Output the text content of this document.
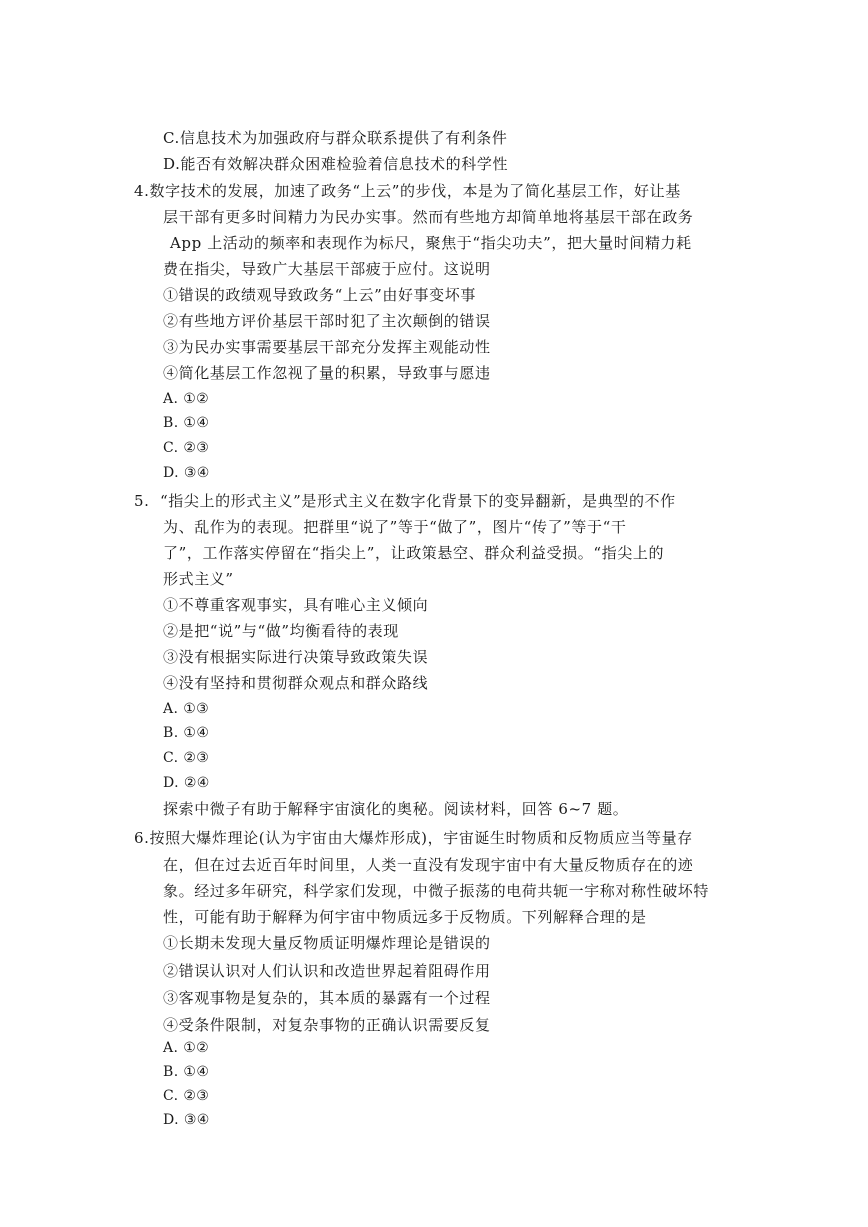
C.信息技术为加强政府与群众联系提供了有利条件
D.能否有效解决群众困难检验着信息技术的科学性
4.数字技术的发展，加速了政务“上云”的步伐，本是为了简化基层工作，好让基
层干部有更多时间精力为民办实事。然而有些地方却简单地将基层干部在政务
App 上活动的频率和表现作为标尺，聚焦于“指尖功夫”，把大量时间精力耗
费在指尖，导致广大基层干部疲于应付。这说明
①错误的政绩观导致政务“上云”由好事变坏事
②有些地方评价基层干部时犯了主次颠倒的错误
③为民办实事需要基层干部充分发挥主观能动性
④简化基层工作忽视了量的积累，导致事与愿违
A. ①②
B. ①④
C. ②③
D. ③④
5. “指尖上的形式主义”是形式主义在数字化背景下的变异翻新，是典型的不作
为、乱作为的表现。把群里“说了”等于“做了”，图片“传了”等于“干
了”，工作落实停留在“指尖上”，让政策悬空、群众利益受损。“指尖上的
形式主义”
①不尊重客观事实，具有唯心主义倾向
②是把“说”与“做”均衡看待的表现
③没有根据实际进行决策导致政策失误
④没有坚持和贯彻群众观点和群众路线
A. ①③
B. ①④
C. ②③
D. ②④
探索中微子有助于解释宇宙演化的奥秘。阅读材料，回答 6~7 题。
6.按照大爆炸理论(认为宇宙由大爆炸形成)，宇宙诞生时物质和反物质应当等量存
在，但在过去近百年时间里，人类一直没有发现宇宙中有大量反物质存在的迹
象。经过多年研究，科学家们发现，中微子振荡的电荷共轭一宇称对称性破坏特
性，可能有助于解释为何宇宙中物质远多于反物质。下列解释合理的是
①长期未发现大量反物质证明爆炸理论是错误的
②错误认识对人们认识和改造世界起着阻碍作用
③客观事物是复杂的，其本质的暴露有一个过程
④受条件限制，对复杂事物的正确认识需要反复
A. ①②
B. ①④
C. ②③
D. ③④
